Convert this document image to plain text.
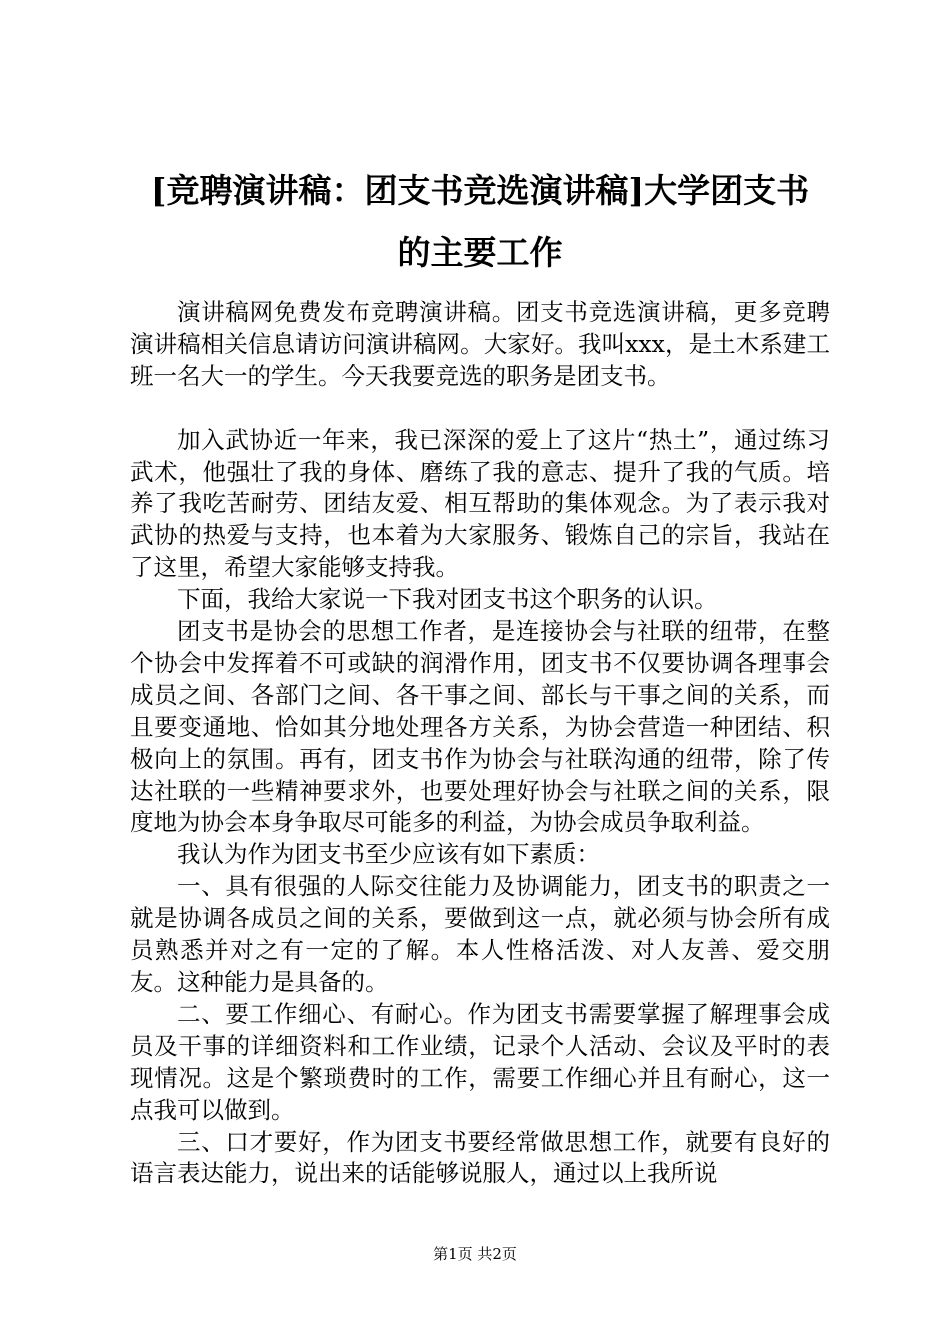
[竞聘演讲稿：团支书竞选演讲稿]大学团支书
的主要工作

演讲稿网免费发布竞聘演讲稿。团支书竞选演讲稿，更多竞聘演讲稿相关信息请访问演讲稿网。大家好。我叫xxx，是土木系建工班一名大一的学生。今天我要竞选的职务是团支书。

加入武协近一年来，我已深深的爱上了这片“热土”，通过练习武术，他强壮了我的身体、磨练了我的意志、提升了我的气质。培养了我吃苦耐劳、团结友爱、相互帮助的集体观念。为了表示我对武协的热爱与支持，也本着为大家服务、锻炼自己的宗旨，我站在了这里，希望大家能够支持我。

下面，我给大家说一下我对团支书这个职务的认识。

团支书是协会的思想工作者，是连接协会与社联的纽带，在整个协会中发挥着不可或缺的润滑作用，团支书不仅要协调各理事会成员之间、各部门之间、各干事之间、部长与干事之间的关系，而且要变通地、恰如其分地处理各方关系，为协会营造一种团结、积极向上的氛围。再有，团支书作为协会与社联沟通的纽带，除了传达社联的一些精神要求外，也要处理好协会与社联之间的关系，限度地为协会本身争取尽可能多的利益，为协会成员争取利益。

我认为作为团支书至少应该有如下素质：

一、具有很强的人际交往能力及协调能力，团支书的职责之一就是协调各成员之间的关系，要做到这一点，就必须与协会所有成员熟悉并对之有一定的了解。本人性格活泼、对人友善、爱交朋友。这种能力是具备的。

二、要工作细心、有耐心。作为团支书需要掌握了解理事会成员及干事的详细资料和工作业绩，记录个人活动、会议及平时的表现情况。这是个繁琐费时的工作，需要工作细心并且有耐心，这一点我可以做到。

三、口才要好，作为团支书要经常做思想工作，就要有良好的语言表达能力，说出来的话能够说服人，通过以上我所说

第1页 共2页
